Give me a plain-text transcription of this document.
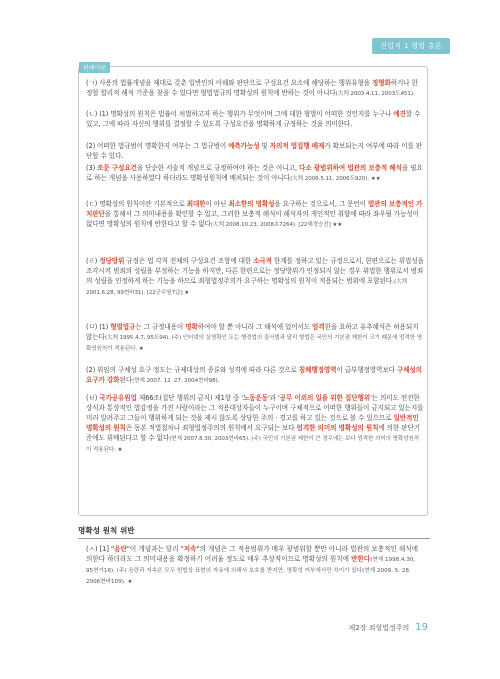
신입직 1 형법 총론
판례이론
(ㄱ) 사용의 법률개념을 제대로 갖춘 일반인의 이해와 판단으로 구성요건 요소에 해당하는 행위유형을 정형화하거나 한정할 합리적 해석 기준을 찾을 수 있다면 형법법규의 명확성의 원칙에 반하는 것이 아니다(大判 2003.4.11, 2003도451).
(ㄴ) (1) 명확성의 원칙은 법률이 처벌하고자 하는 행위가 무엇이며 그에 대한 형벌이 어떠한 것인지를 누구나 예견할 수 있고, 그에 따라 자신의 행위를 결정할 수 있도록 구성요건을 명확하게 규정하는 것을 의미한다.
(2) 어떠한 법규범이 명확한지 여부는 그 법규범이 예측가능성 및 자의적 법집행 배제가 확보되는지 여부에 따라 이를 판단할 수 있다.
(3) 조문 구성요건을 단순한 서술적 개념으로 규정하여야 하는 것은 아니고, 다소 광범위하여 법관의 보충적 해석을 필요로 하는 개념을 사용하였다 하더라도 명확성원칙에 배치되는 것이 아니다(大判 2006.5.11, 2006도920). ★★
(ㄷ) 명확성의 원칙이란 기본적으로 최대한이 아닌 최소한의 명확성을 요구하는 것으로서, 그 문언이 법관의 보충적인 가치판단을 통해서 그 의미내용을 확인할 수 있고, 그러한 보충적 해석이 해석자의 개인적인 취향에 따라 좌우될 가능성이 없다면 명확성의 원칙에 반한다고 할 수 없다(大判 2008.10.23, 2008초7264). [22해경승진] ★★
(ㄹ) 정당방위 규정은 법 각칙 전체의 구성요건 조항에 대한 소극적 한계를 정하고 있는 규정으로서, 한편으로는 위법성을 조각시켜 범죄의 성립을 부정하는 기능을 하지만, 다른 한편으로는 정당방위가 인정되지 않는 경우 위법한 행위로서 범죄의 성립을 인정하게 하는 기능을 하므로 죄형법정주의가 요구하는 명확성의 원칙이 적용되는 범위에 포함된다.(大判 2001.6.28, 99현바31). [22군무원7급] ★
(ㅁ) (1) 형벌법규는 그 규정내용이 명확하여야 할 뿐 아니라 그 해석에 있어서도 엄격한을 요하고 유추해석은 허용되지 않는다(大判 1995.4.7, 95도94). (주) 인터넷의 실명확인 도는 행정법의 질서벌과 달리 형법은 국민의 기본권 제한이 크기 때문에 엄격한 명확성원칙이 적용된다. ★
(2) 위임의 구체성 요구 정도는 규제대상의 종류와 성격에 따라 다른 것으로 침해행정영역이 급부행정영역보다 구체성의 요구가 강화된다(현재 2007. 12. 27. 2004현바98).
(ㅂ) 국가공유원업 제66조(집단 행위의 금지) 제1항 중 '노동운동'과 '공무 이외의 일을 위한 집단행위'는 의미도 전전한 상식과 통상적인 법감정을 가진 사람이라는 그 적용대상자들이 누구이며 구체적으로 어떠한 행위들이 금지되고 있는지를 미리 알려주고 그들이 행위하게 되는 것을 제시 않도록 상당한 주의 · 경고를 하고 있는 것으로 볼 수 있으므로 일반적인 명확성의 원칙은 동본 적법절차나 죄형법정주의의 원칙에서 요구되는 보다 엄격한 의미의 명확성의 원칙에 의한 판단기준에도 위배된다고 할 수 없다(현재 2007.8.30, 2003현바65). (주) 국민의 기본권 제한이 큰 경우에는 보다 엄격한 의미의 명확성원칙이 적용된다. ★
명확성 원칙 위반
(ㅅ) [1] "음란"이 개념과는 달리 "저속"의 개념은 그 적용범위가 매우 광범위할 뿐만 아니라 법관의 보충적인 해석에 의한다 하더라도 그 의미내용을 확정하기 어려울 정도로 매우 추상적이므로 명확성의 원칙에 반한다(현재 1998.4.30, 95현가16). (주) 음란과 저속은 모두 헌법상 표현의 자유에 의해서 보호를 받지만, 명확성 여부에서만 차이가 있다(현재 2009. 5. 28. 2006현바109). ★
제2장 죄형법정주의 19
